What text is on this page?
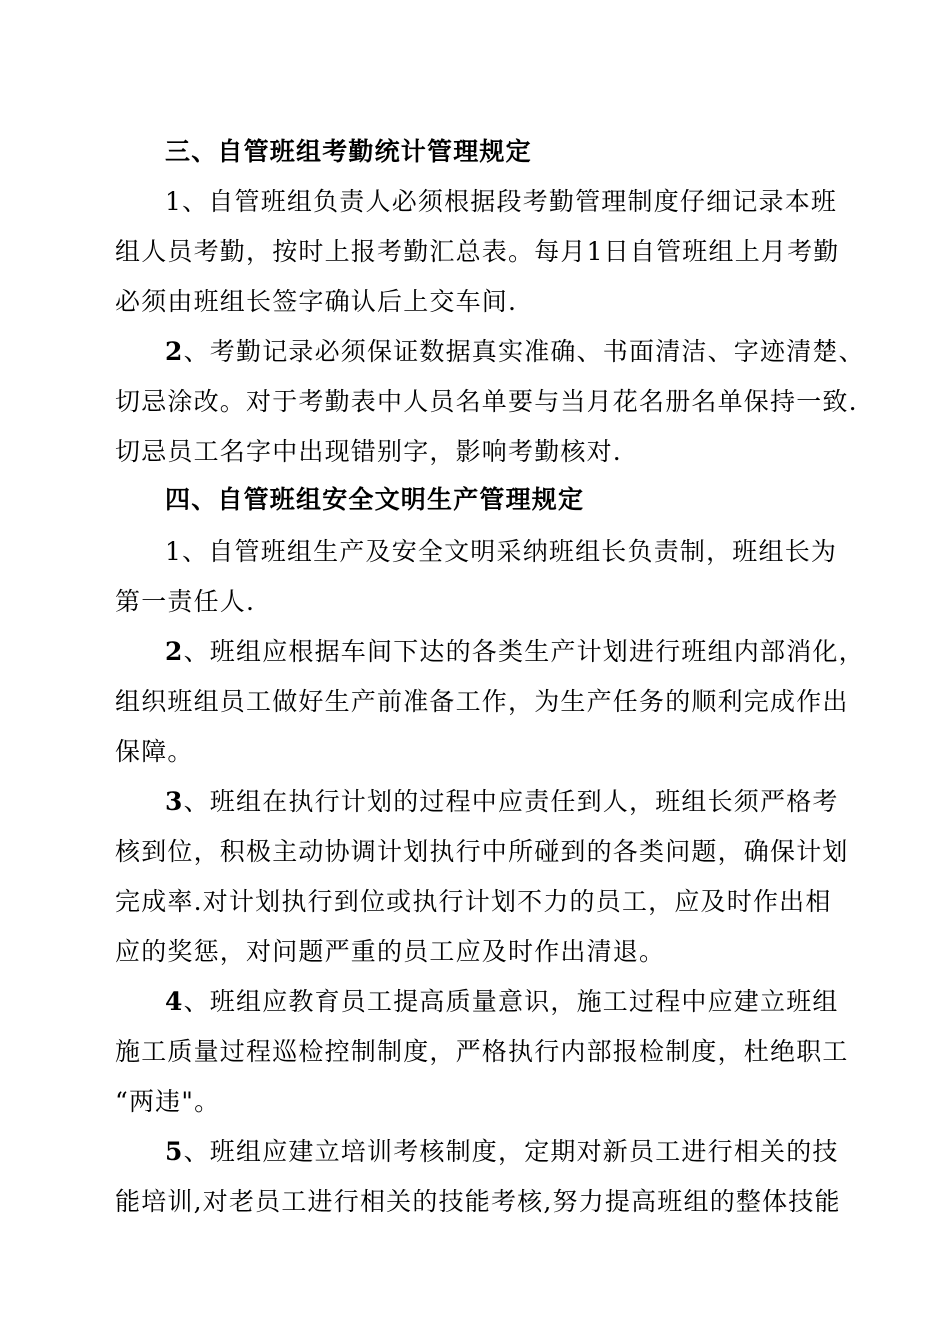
三、自管班组考勤统计管理规定
1、自管班组负责人必须根据段考勤管理制度仔细记录本班
组人员考勤，按时上报考勤汇总表。每月1日自管班组上月考勤
必须由班组长签字确认后上交车间.
2、考勤记录必须保证数据真实准确、书面清洁、字迹清楚、
切忌涂改。对于考勤表中人员名单要与当月花名册名单保持一致.
切忌员工名字中出现错别字，影响考勤核对.
四、自管班组安全文明生产管理规定
1、自管班组生产及安全文明采纳班组长负责制，班组长为
第一责任人.
2、班组应根据车间下达的各类生产计划进行班组内部消化，
组织班组员工做好生产前准备工作，为生产任务的顺利完成作出
保障。
3、班组在执行计划的过程中应责任到人，班组长须严格考
核到位，积极主动协调计划执行中所碰到的各类问题，确保计划
完成率.对计划执行到位或执行计划不力的员工，应及时作出相
应的奖惩，对问题严重的员工应及时作出清退。
4、班组应教育员工提高质量意识，施工过程中应建立班组
施工质量过程巡检控制制度，严格执行内部报检制度，杜绝职工
“两违"。
5、班组应建立培训考核制度，定期对新员工进行相关的技
能培训,对老员工进行相关的技能考核,努力提高班组的整体技能
